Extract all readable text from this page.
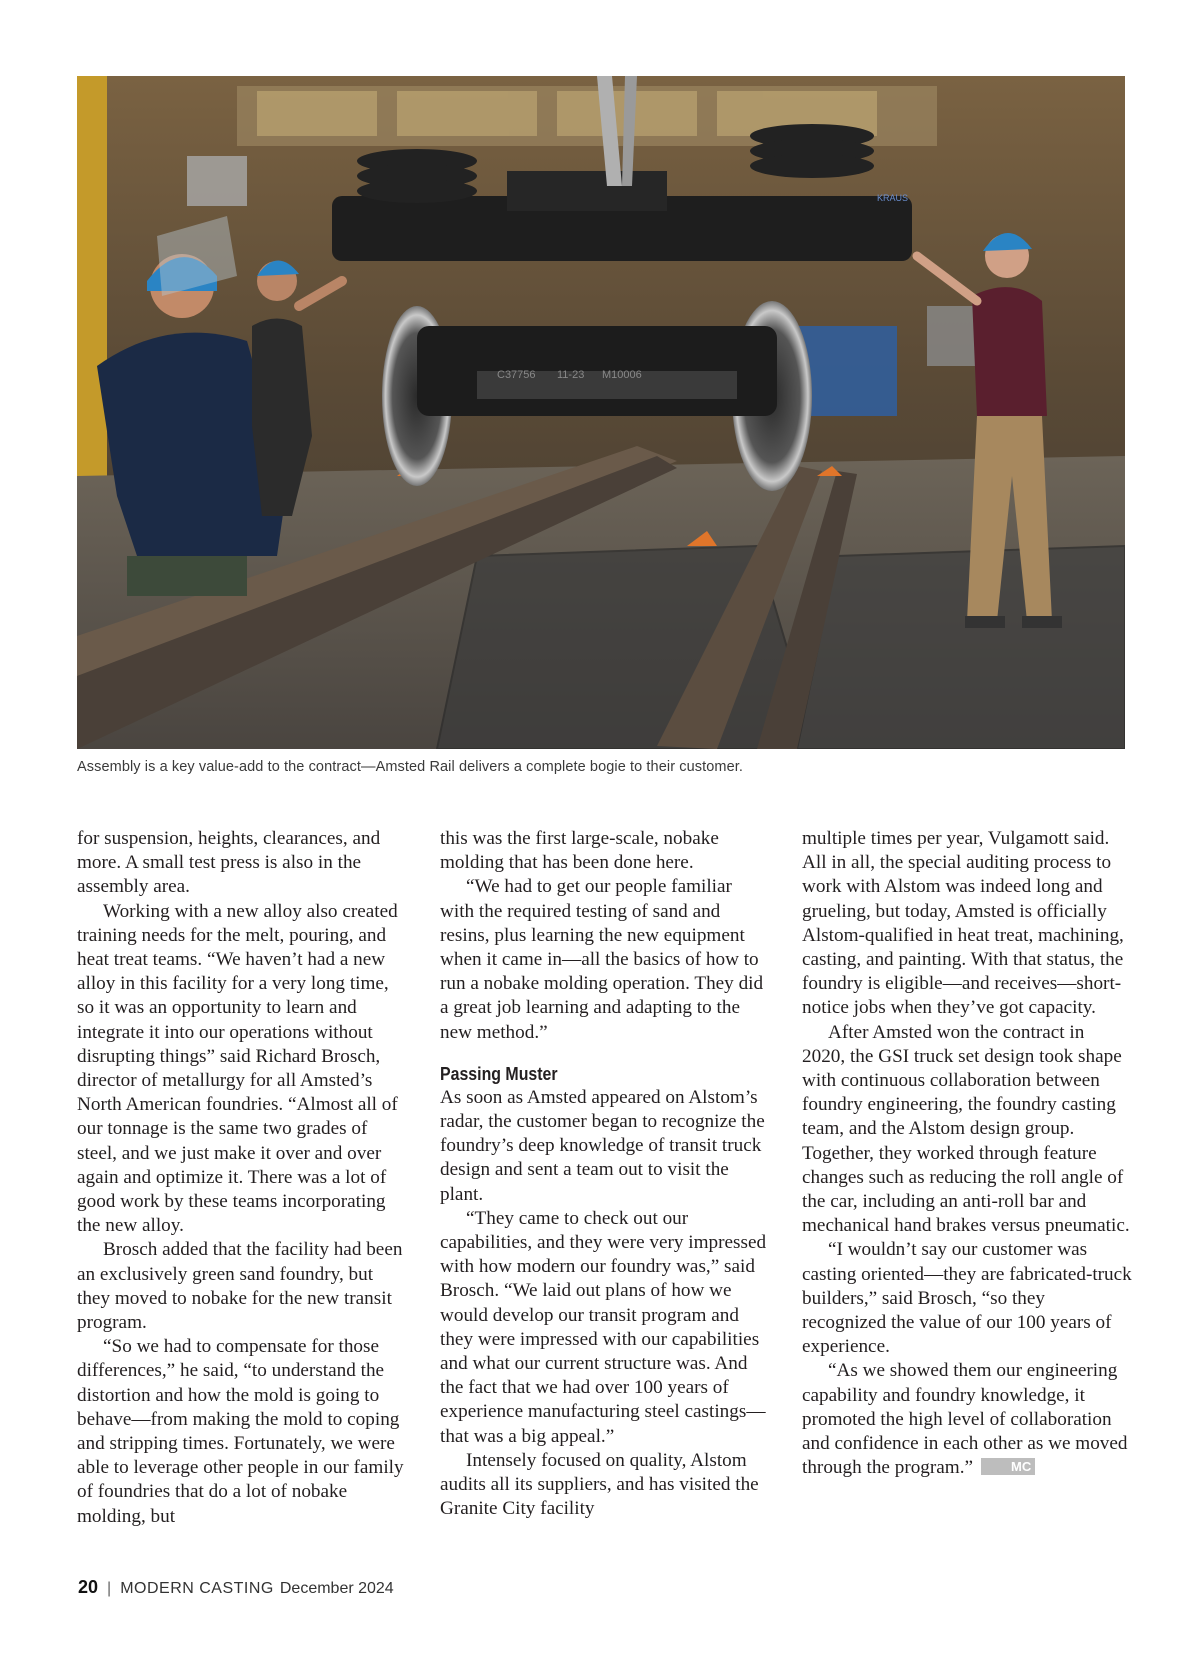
C37756 11-23 M10006
KRAUS
Assembly is a key value-add to the contract—Amsted Rail delivers a complete bogie to their customer.

for suspension, heights, clearances, and more. A small test press is also in the assembly area.

Working with a new alloy also created training needs for the melt, pouring, and heat treat teams. “We haven’t had a new alloy in this facility for a very long time, so it was an opportunity to learn and integrate it into our operations without disrupting things” said Richard Brosch, director of metallurgy for all Amsted’s North American foundries. “Almost all of our tonnage is the same two grades of steel, and we just make it over and over again and optimize it. There was a lot of good work by these teams incorporating the new alloy.

Brosch added that the facility had been an exclusively green sand foundry, but they moved to nobake for the new transit program.

“So we had to compensate for those differences,” he said, “to understand the distortion and how the mold is going to behave—from making the mold to coping and stripping times. Fortunately, we were able to leverage other people in our family of foundries that do a lot of nobake molding, but

this was the first large-scale, nobake molding that has been done here.

“We had to get our people familiar with the required testing of sand and resins, plus learning the new equipment when it came in—all the basics of how to run a nobake molding operation. They did a great job learning and adapting to the new method.”

Passing Muster

As soon as Amsted appeared on Alstom’s radar, the customer began to recognize the foundry’s deep knowledge of transit truck design and sent a team out to visit the plant.

“They came to check out our capabilities, and they were very impressed with how modern our foundry was,” said Brosch. “We laid out plans of how we would develop our transit program and they were impressed with our capabilities and what our current structure was. And the fact that we had over 100 years of experience manufacturing steel castings—that was a big appeal.”

Intensely focused on quality, Alstom audits all its suppliers, and has visited the Granite City facility

multiple times per year, Vulgamott said. All in all, the special auditing process to work with Alstom was indeed long and grueling, but today, Amsted is officially Alstom-qualified in heat treat, machining, casting, and painting. With that status, the foundry is eligible—and receives—short-notice jobs when they’ve got capacity.

After Amsted won the contract in 2020, the GSI truck set design took shape with continuous collaboration between foundry engineering, the foundry casting team, and the Alstom design group. Together, they worked through feature changes such as reducing the roll angle of the car, including an anti-roll bar and mechanical hand brakes versus pneumatic.

“I wouldn’t say our customer was casting oriented—they are fabricated-truck builders,” said Brosch, “so they recognized the value of our 100 years of experience.

“As we showed them our engineering capability and foundry knowledge, it promoted the high level of collaboration and confidence in each other as we moved through the program.”	MC

20 | MODERN CASTING December 2024
